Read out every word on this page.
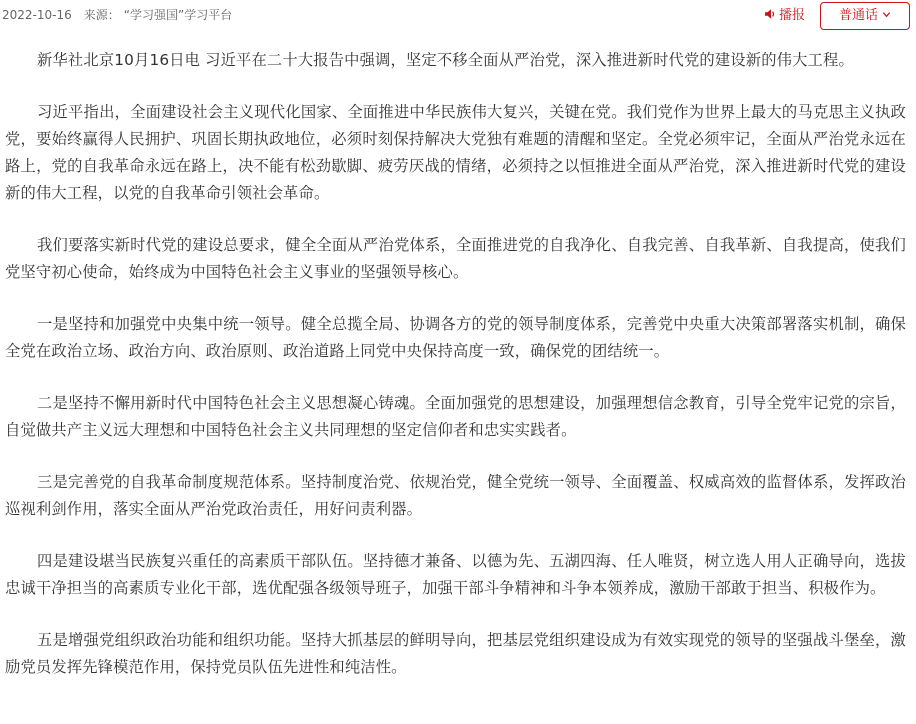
2022-10-16 来源： “学习强国”学习平台	播报	普通话

新华社北京10月16日电 习近平在二十大报告中强调，坚定不移全面从严治党，深入推进新时代党的建设新的伟大工程。

习近平指出，全面建设社会主义现代化国家、全面推进中华民族伟大复兴，关键在党。我们党作为世界上最大的马克思主义执政党，要始终赢得人民拥护、巩固长期执政地位，必须时刻保持解决大党独有难题的清醒和坚定。全党必须牢记，全面从严治党永远在路上，党的自我革命永远在路上，决不能有松劲歇脚、疲劳厌战的情绪，必须持之以恒推进全面从严治党，深入推进新时代党的建设新的伟大工程，以党的自我革命引领社会革命。

我们要落实新时代党的建设总要求，健全全面从严治党体系，全面推进党的自我净化、自我完善、自我革新、自我提高，使我们党坚守初心使命，始终成为中国特色社会主义事业的坚强领导核心。

一是坚持和加强党中央集中统一领导。健全总揽全局、协调各方的党的领导制度体系，完善党中央重大决策部署落实机制，确保全党在政治立场、政治方向、政治原则、政治道路上同党中央保持高度一致，确保党的团结统一。

二是坚持不懈用新时代中国特色社会主义思想凝心铸魂。全面加强党的思想建设，加强理想信念教育，引导全党牢记党的宗旨，自觉做共产主义远大理想和中国特色社会主义共同理想的坚定信仰者和忠实实践者。

三是完善党的自我革命制度规范体系。坚持制度治党、依规治党，健全党统一领导、全面覆盖、权威高效的监督体系，发挥政治巡视利剑作用，落实全面从严治党政治责任，用好问责利器。

四是建设堪当民族复兴重任的高素质干部队伍。坚持德才兼备、以德为先、五湖四海、任人唯贤，树立选人用人正确导向，选拔忠诚干净担当的高素质专业化干部，选优配强各级领导班子，加强干部斗争精神和斗争本领养成，激励干部敢于担当、积极作为。

五是增强党组织政治功能和组织功能。坚持大抓基层的鲜明导向，把基层党组织建设成为有效实现党的领导的坚强战斗堡垒，激励党员发挥先锋模范作用，保持党员队伍先进性和纯洁性。
